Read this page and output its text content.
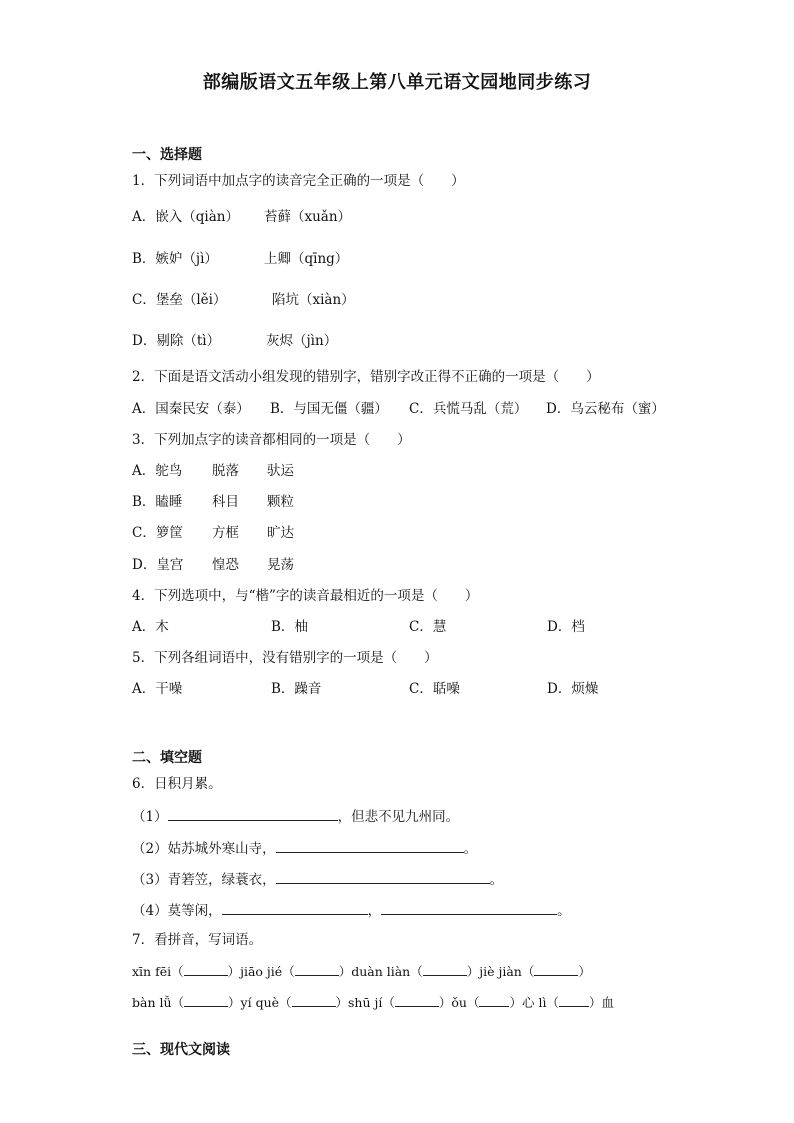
部编版语文五年级上第八单元语文园地同步练习
一、选择题
1．下列词语中加点字的读音完全正确的一项是（　　）
A．嵌入（qiàn） 苔藓（xuǎn）
B．嫉妒（jì）	上卿（qīng）
C．堡垒（lěi）	陷坑（xiàn）
D．剔除（tì）	灰烬（jìn）
2．下面是语文活动小组发现的错别字，错别字改正得不正确的一项是（　　）
A．国秦民安（泰） B．与国无僵（疆） C．兵慌马乱（荒） D．乌云秘布（蜜）
3．下列加点字的读音都相同的一项是（　　）
A．鸵鸟 脱落 驮运
B．瞌睡 科目 颗粒
C．箩筐 方框 旷达
D．皇宫 惶恐 晃荡
4．下列选项中，与“楷”字的读音最相近的一项是（　　）
A．木	B．柚	C．慧	D．档
5．下列各组词语中，没有错别字的一项是（　　）
A．干噪	B．躁音	C．聒噪	D．烦燥
二、填空题
6．日积月累。
（1）	，但悲不见九州同。
（2）姑苏城外寒山寺，	。
（3）青箬笠，绿蓑衣，	。
（4）莫等闲，	，	。
7．看拼音，写词语。
xīn fēi（	）jiāo jié（	）duàn liàn（	）jiè jiàn（	）
bàn lǚ（	）yí què（	）shū jí（	）ǒu（ ）心 lì（ ）血
三、现代文阅读
